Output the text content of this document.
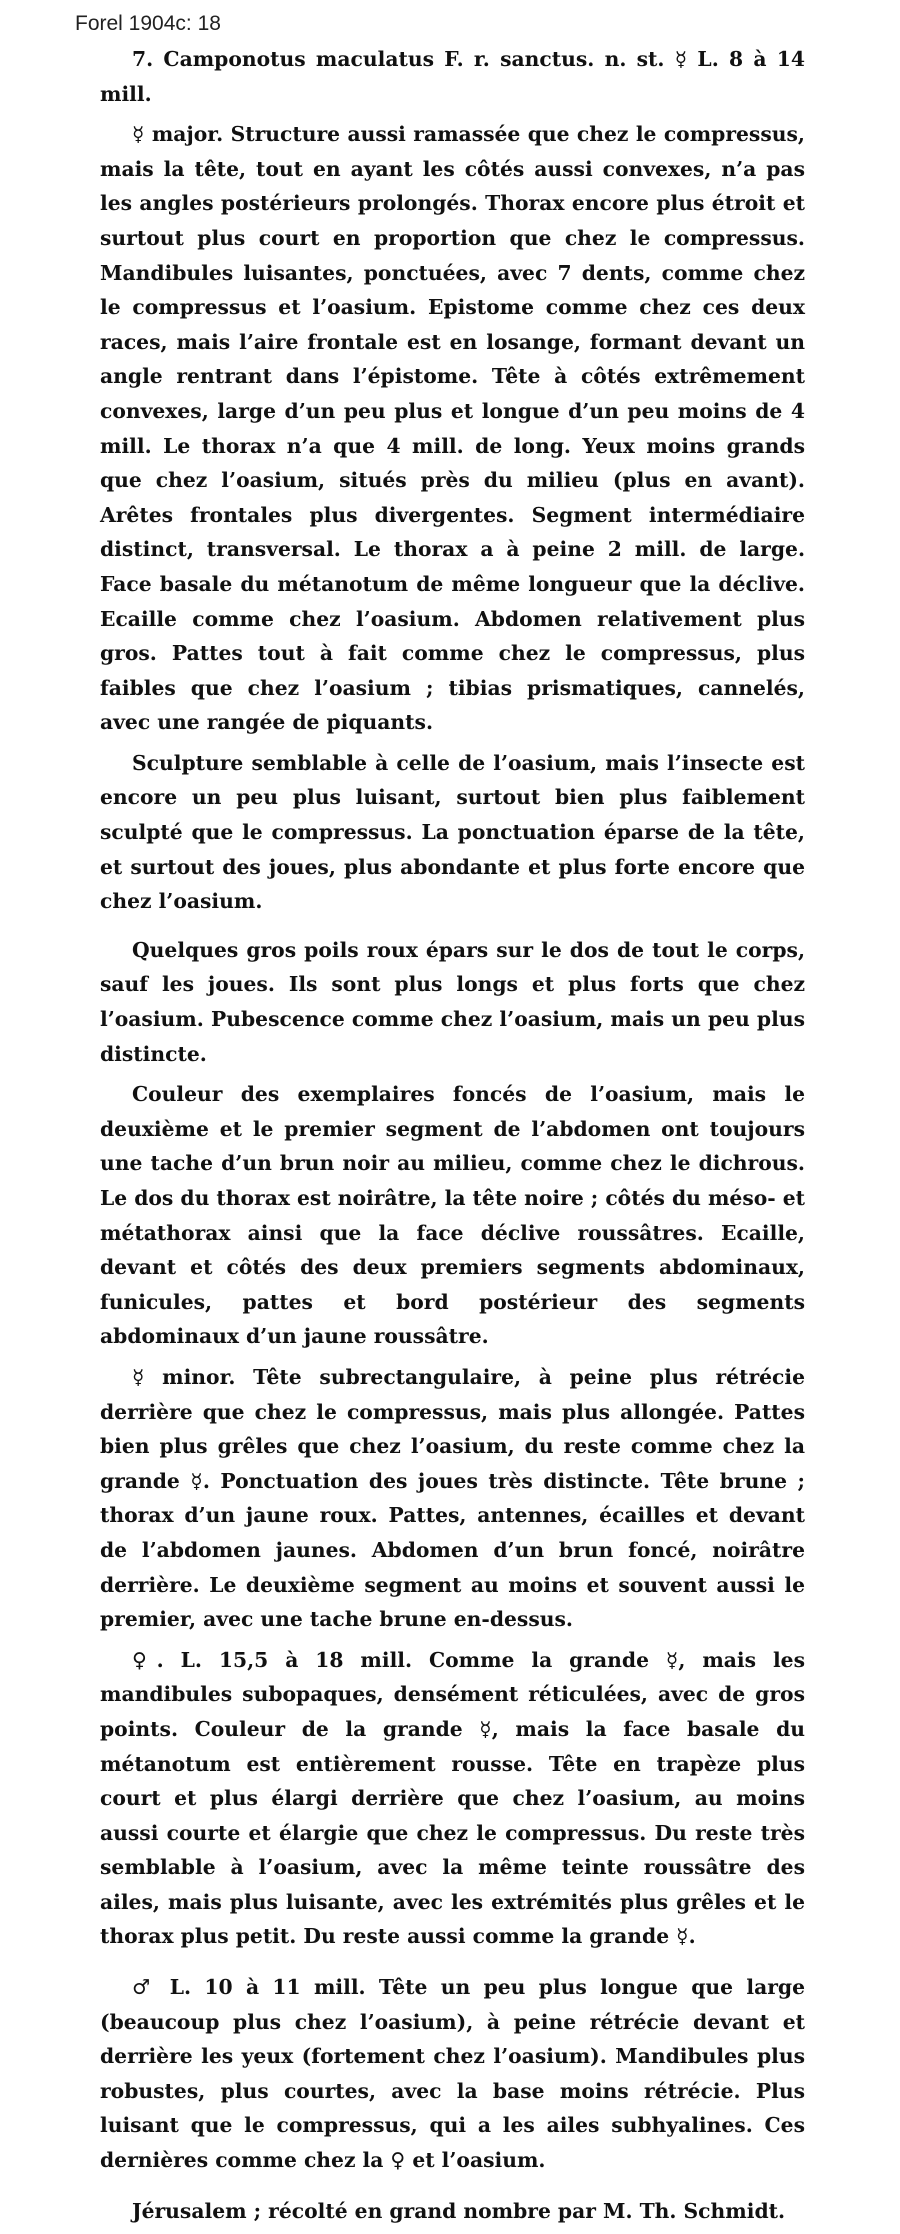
Forel 1904c: 18

7. Camponotus maculatus F. r. sanctus. n. st. ☿ L. 8 à 14 mill.

☿ major. Structure aussi ramassée que chez le compressus, mais la tête, tout en ayant les côtés aussi convexes, n’a pas les angles postérieurs prolongés. Thorax encore plus étroit et surtout plus court en proportion que chez le compressus. Mandibules luisantes, ponctuées, avec 7 dents, comme chez le compressus et l’oasium. Epistome comme chez ces deux races, mais l’aire frontale est en losange, formant devant un angle rentrant dans l’épistome. Tête à côtés extrêmement convexes, large d’un peu plus et longue d’un peu moins de 4 mill. Le thorax n’a que 4 mill. de long. Yeux moins grands que chez l’oasium, situés près du milieu (plus en avant). Arêtes frontales plus divergentes. Segment intermédiaire distinct, transversal. Le thorax a à peine 2 mill. de large. Face basale du métanotum de même longueur que la déclive. Ecaille comme chez l’oasium. Abdomen relativement plus gros. Pattes tout à fait comme chez le compressus, plus faibles que chez l’oasium ; tibias prismatiques, cannelés, avec une rangée de piquants.

Sculpture semblable à celle de l’oasium, mais l’insecte est encore un peu plus luisant, surtout bien plus faiblement sculpté que le compressus. La ponctuation éparse de la tête, et surtout des joues, plus abondante et plus forte encore que chez l’oasium.

Quelques gros poils roux épars sur le dos de tout le corps, sauf les joues. Ils sont plus longs et plus forts que chez l’oasium. Pubescence comme chez l’oasium, mais un peu plus distincte.

Couleur des exemplaires foncés de l’oasium, mais le deuxième et le premier segment de l’abdomen ont toujours une tache d’un brun noir au milieu, comme chez le dichrous. Le dos du thorax est noirâtre, la tête noire ; côtés du méso- et métathorax ainsi que la face déclive roussâtres. Ecaille, devant et côtés des deux premiers segments abdominaux, funicules, pattes et bord postérieur des segments abdominaux d’un jaune roussâtre.

☿ minor. Tête subrectangulaire, à peine plus rétrécie derrière que chez le compressus, mais plus allongée. Pattes bien plus grêles que chez l’oasium, du reste comme chez la grande ☿. Ponctuation des joues très distincte. Tête brune ; thorax d’un jaune roux. Pattes, antennes, écailles et devant de l’abdomen jaunes. Abdomen d’un brun foncé, noirâtre derrière. Le deuxième segment au moins et souvent aussi le premier, avec une tache brune en-dessus.

♀. L. 15,5 à 18 mill. Comme la grande ☿, mais les mandibules subopaques, densément réticulées, avec de gros points. Couleur de la grande ☿, mais la face basale du métanotum est entièrement rousse. Tête en trapèze plus court et plus élargi derrière que chez l’oasium, au moins aussi courte et élargie que chez le compressus. Du reste très semblable à l’oasium, avec la même teinte roussâtre des ailes, mais plus luisante, avec les extrémités plus grêles et le thorax plus petit. Du reste aussi comme la grande ☿.

♂ L. 10 à 11 mill. Tête un peu plus longue que large (beaucoup plus chez l’oasium), à peine rétrécie devant et derrière les yeux (fortement chez l’oasium). Mandibules plus robustes, plus courtes, avec la base moins rétrécie. Plus luisant que le compressus, qui a les ailes subhyalines. Ces dernières comme chez la ♀ et l’oasium.

Jérusalem ; récolté en grand nombre par M. Th. Schmidt.
